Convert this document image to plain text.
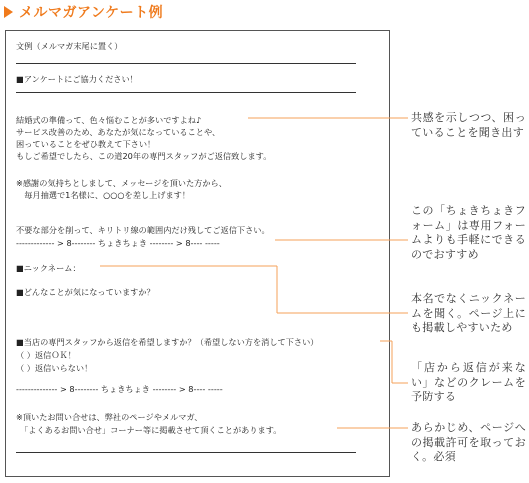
メルマガアンケート例
文例（メルマガ末尾に置く）
■アンケートにご協力ください！
結婚式の準備って、色々悩むことが多いですよね♪
サービス改善のため、あなたが気になっていることや、
困っていることをぜひ教えて下さい！
もしご希望でしたら、この道20年の専門スタッフがご返信致します。
※感謝の気持ちとしまして、メッセージを頂いた方から、
　毎月抽選で1名様に、○○○を差し上げます！
不要な部分を削って、キリトリ線の範囲内だけ残してご返信下さい。
------------- > 8-------- ちょきちょき -------- > 8---- -----
■ニックネーム：
■どんなことが気になっていますか？
■当店の専門スタッフから返信を希望しますか？（希望しない方を消して下さい）
（ ）返信ＯＫ！
（ ）返信いらない！
-------------- > 8-------- ちょきちょき -------- > 8---- -----
※頂いたお問い合せは、弊社のページやメルマガ、
　「よくあるお問い合せ」コーナー等に掲載させて頂くことがあります。
共感を示しつつ、困っていることを聞き出す
この「ちょきちょきフォーム」は専用フォームよりも手軽にできるのでおすすめ
本名でなくニックネームを聞く。ページ上にも掲載しやすいため
「店から返信が来ない」などのクレームを予防する
あらかじめ、ページへの掲載許可を取っておく。必須
